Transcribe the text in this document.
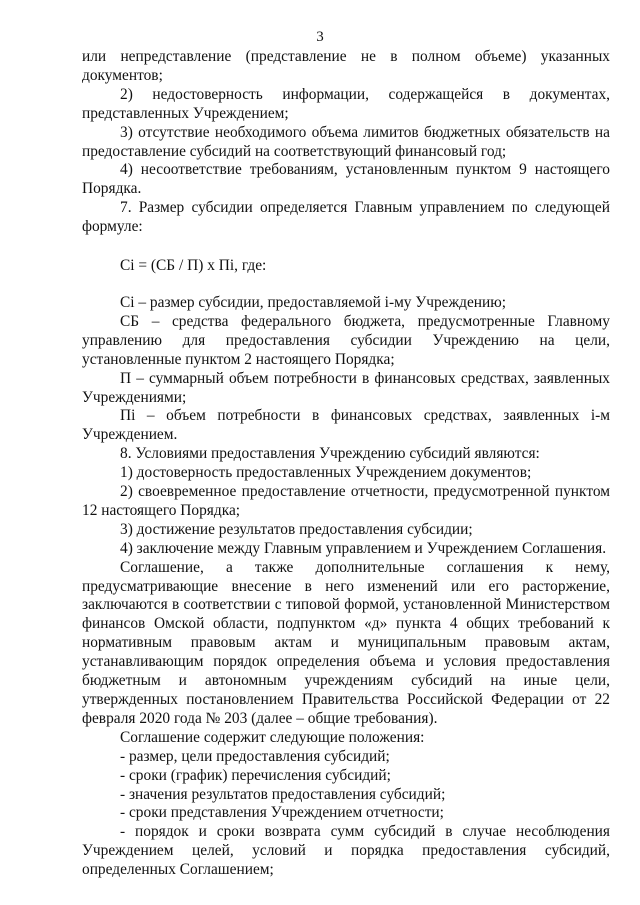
3

или непредставление (представление не в полном объеме) указанных документов;

2) недостоверность информации, содержащейся в документах, представленных Учреждением;

3) отсутствие необходимого объема лимитов бюджетных обязательств на предоставление субсидий на соответствующий финансовый год;

4) несоответствие требованиям, установленным пунктом 9 настоящего Порядка.

7. Размер субсидии определяется Главным управлением по следующей формуле:

Ci = (СБ / П) х Пi, где:

Ci – размер субсидии, предоставляемой i-му Учреждению;

СБ – средства федерального бюджета, предусмотренные Главному управлению для предоставления субсидии Учреждению на цели, установленные пунктом 2 настоящего Порядка;

П – суммарный объем потребности в финансовых средствах, заявленных Учреждениями;

Пi – объем потребности в финансовых средствах, заявленных i-м Учреждением.

8. Условиями предоставления Учреждению субсидий являются:

1) достоверность предоставленных Учреждением документов;

2) своевременное предоставление отчетности, предусмотренной пунктом 12 настоящего Порядка;

3) достижение результатов предоставления субсидии;

4) заключение между Главным управлением и Учреждением Соглашения.

Соглашение, а также дополнительные соглашения к нему, предусматривающие внесение в него изменений или его расторжение, заключаются в соответствии с типовой формой, установленной Министерством финансов Омской области, подпунктом «д» пункта 4 общих требований к нормативным правовым актам и муниципальным правовым актам, устанавливающим порядок определения объема и условия предоставления бюджетным и автономным учреждениям субсидий на иные цели, утвержденных постановлением Правительства Российской Федерации от 22 февраля 2020 года № 203 (далее – общие требования).

Соглашение содержит следующие положения:

- размер, цели предоставления субсидий;

- сроки (график) перечисления субсидий;

- значения результатов предоставления субсидий;

- сроки представления Учреждением отчетности;

- порядок и сроки возврата сумм субсидий в случае несоблюдения Учреждением целей, условий и порядка предоставления субсидий, определенных Соглашением;
